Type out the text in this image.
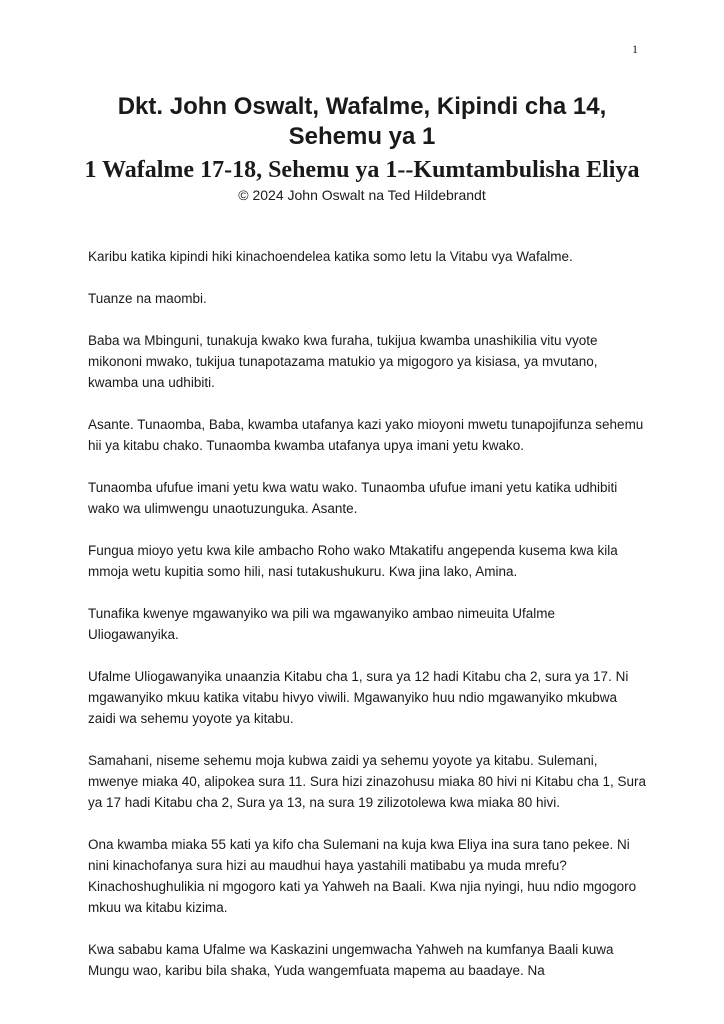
1
Dkt. John Oswalt, Wafalme, Kipindi cha 14, Sehemu ya 1
1 Wafalme 17-18, Sehemu ya 1--Kumtambulisha Eliya
© 2024 John Oswalt na Ted Hildebrandt

Karibu katika kipindi hiki kinachoendelea katika somo letu la Vitabu vya Wafalme.

Tuanze na maombi.

Baba wa Mbinguni, tunakuja kwako kwa furaha, tukijua kwamba unashikilia vitu vyote mikononi mwako, tukijua tunapotazama matukio ya migogoro ya kisiasa, ya mvutano, kwamba una udhibiti.

Asante. Tunaomba, Baba, kwamba utafanya kazi yako mioyoni mwetu tunapojifunza sehemu hii ya kitabu chako. Tunaomba kwamba utafanya upya imani yetu kwako.

Tunaomba ufufue imani yetu kwa watu wako. Tunaomba ufufue imani yetu katika udhibiti wako wa ulimwengu unaotuzunguka. Asante.

Fungua mioyo yetu kwa kile ambacho Roho wako Mtakatifu angependa kusema kwa kila mmoja wetu kupitia somo hili, nasi tutakushukuru. Kwa jina lako, Amina.

Tunafika kwenye mgawanyiko wa pili wa mgawanyiko ambao nimeuita Ufalme Uliogawanyika.

Ufalme Uliogawanyika unaanzia Kitabu cha 1, sura ya 12 hadi Kitabu cha 2, sura ya 17. Ni mgawanyiko mkuu katika vitabu hivyo viwili. Mgawanyiko huu ndio mgawanyiko mkubwa zaidi wa sehemu yoyote ya kitabu.

Samahani, niseme sehemu moja kubwa zaidi ya sehemu yoyote ya kitabu. Sulemani, mwenye miaka 40, alipokea sura 11. Sura hizi zinazohusu miaka 80 hivi ni Kitabu cha 1, Sura ya 17 hadi Kitabu cha 2, Sura ya 13, na sura 19 zilizotolewa kwa miaka 80 hivi.

Ona kwamba miaka 55 kati ya kifo cha Sulemani na kuja kwa Eliya ina sura tano pekee. Ni nini kinachofanya sura hizi au maudhui haya yastahili matibabu ya muda mrefu? Kinachoshughulikia ni mgogoro kati ya Yahweh na Baali. Kwa njia nyingi, huu ndio mgogoro mkuu wa kitabu kizima.

Kwa sababu kama Ufalme wa Kaskazini ungemwacha Yahweh na kumfanya Baali kuwa Mungu wao, karibu bila shaka, Yuda wangemfuata mapema au baadaye. Na
